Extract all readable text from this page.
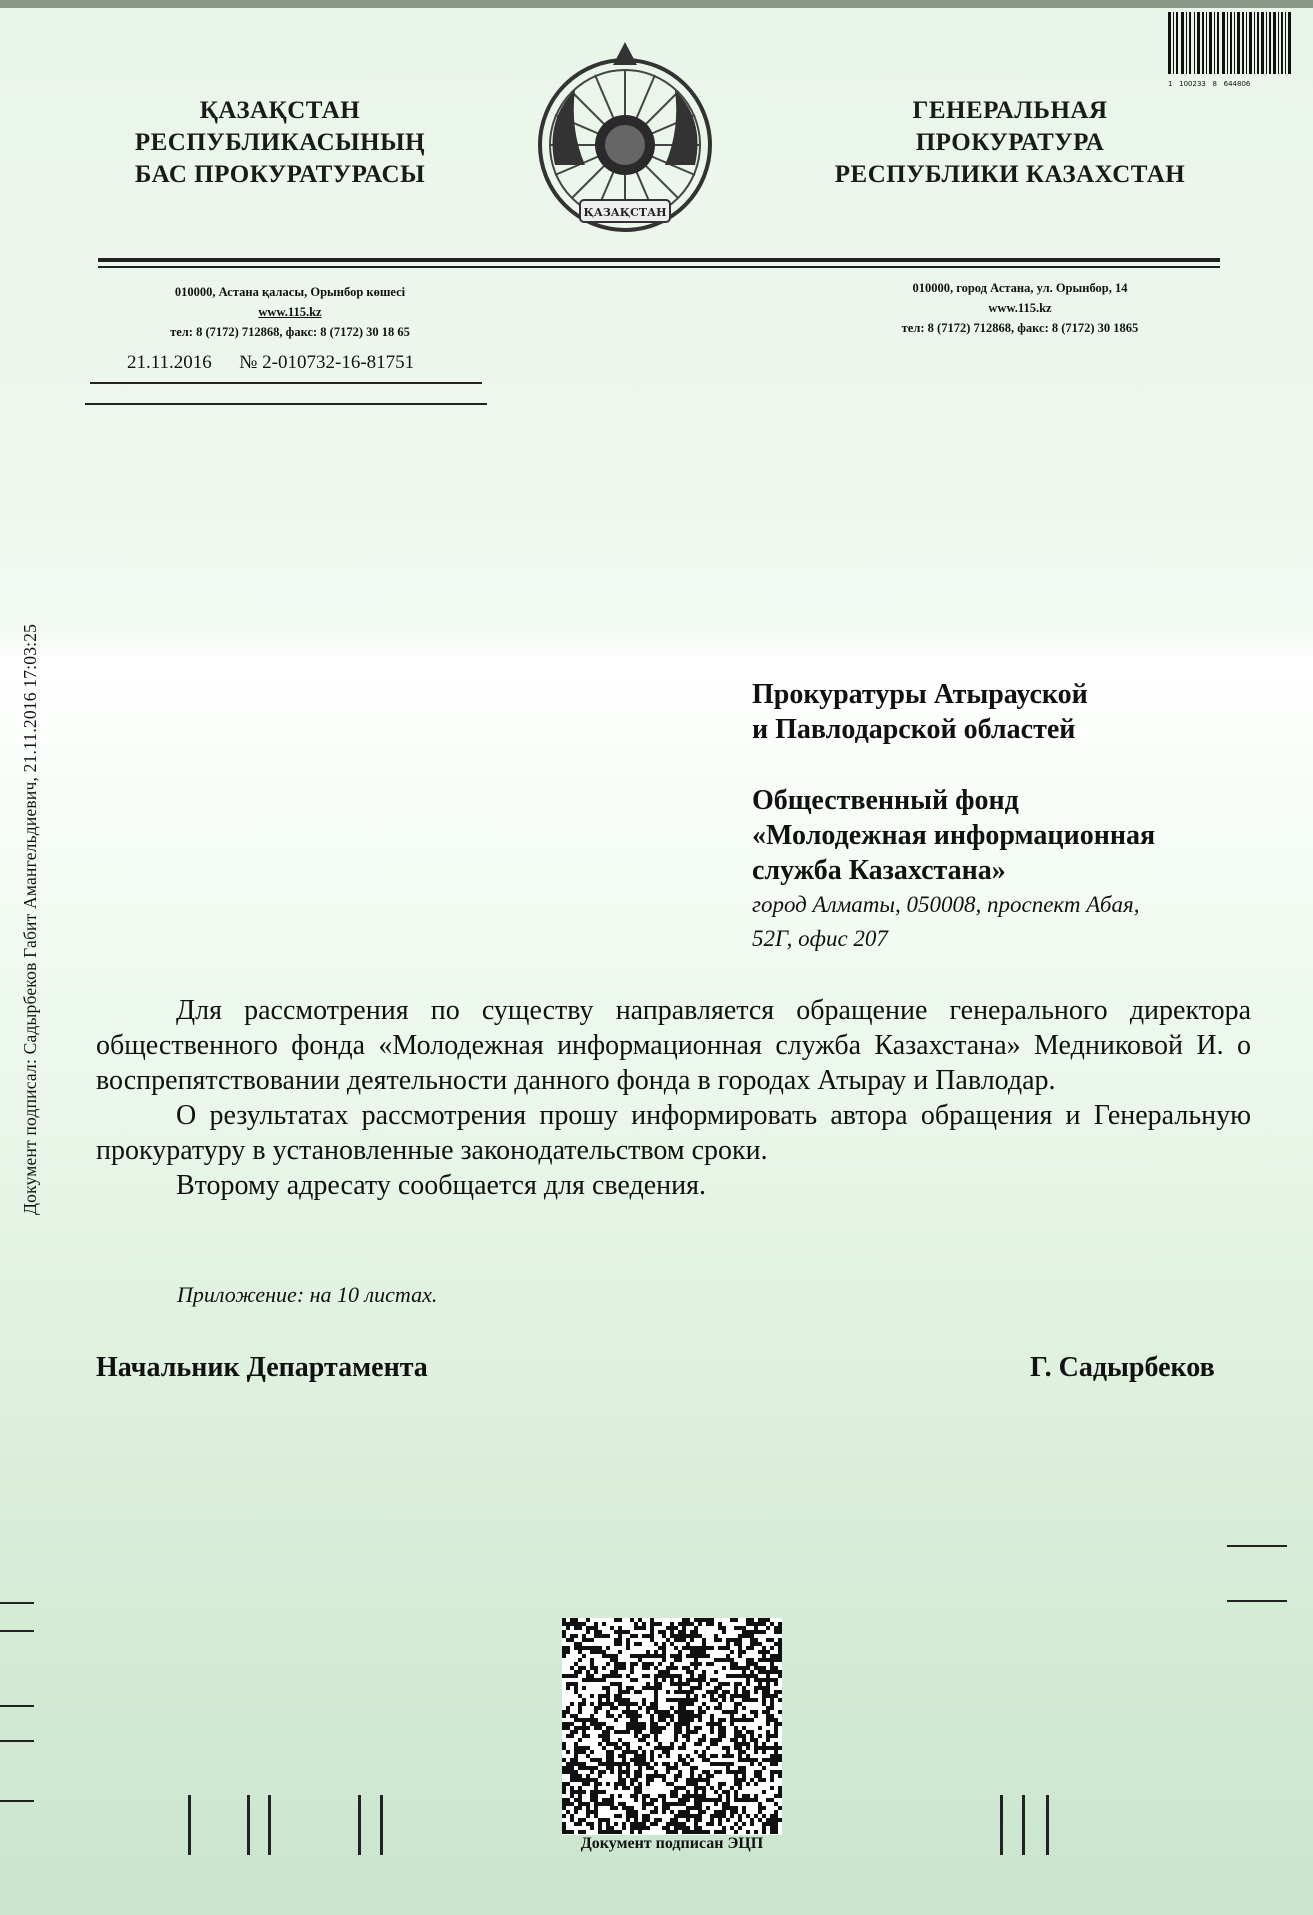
ҚАЗАҚСТАН
РЕСПУБЛИКАСЫНЫҢ
БАС ПРОКУРАТУРАСЫ
ҚАЗАҚСТАН
ГЕНЕРАЛЬНАЯ
ПРОКУРАТУРА
РЕСПУБЛИКИ КАЗАХСТАН
1   100233   8   644806
010000, Астана қаласы, Орынбор көшесі
www.115.kz
тел: 8 (7172) 712868, факс: 8 (7172) 30 18 65
010000, город Астана, ул. Орынбор, 14
www.115.kz
тел: 8 (7172) 712868, факс: 8 (7172) 30 1865
21.11.2016 № 2-010732-16-81751
Документ подписал: Садырбеков Габит Амангельдиевич, 21.11.2016 17:03:25	Прокуратуры Атырауской
и Павлодарской областей
Общественный фонд
«Молодежная информационная
служба Казахстана»
город Алматы, 050008, проспект Абая,
52Г, офис 207

Для рассмотрения по существу направляется обращение генерального директора общественного фонда «Молодежная информационная служба Казахстана» Медниковой И. о воспрепятствовании деятельности данного фонда в городах Атырау и Павлодар.

О результатах рассмотрения прошу информировать автора обращения и Генеральную прокуратуру в установленные законодательством сроки.

Второму адресату сообщается для сведения.

Приложение: на 10 листах.
Начальник Департамента	Г. Садырбеков
Документ подписан ЭЦП
